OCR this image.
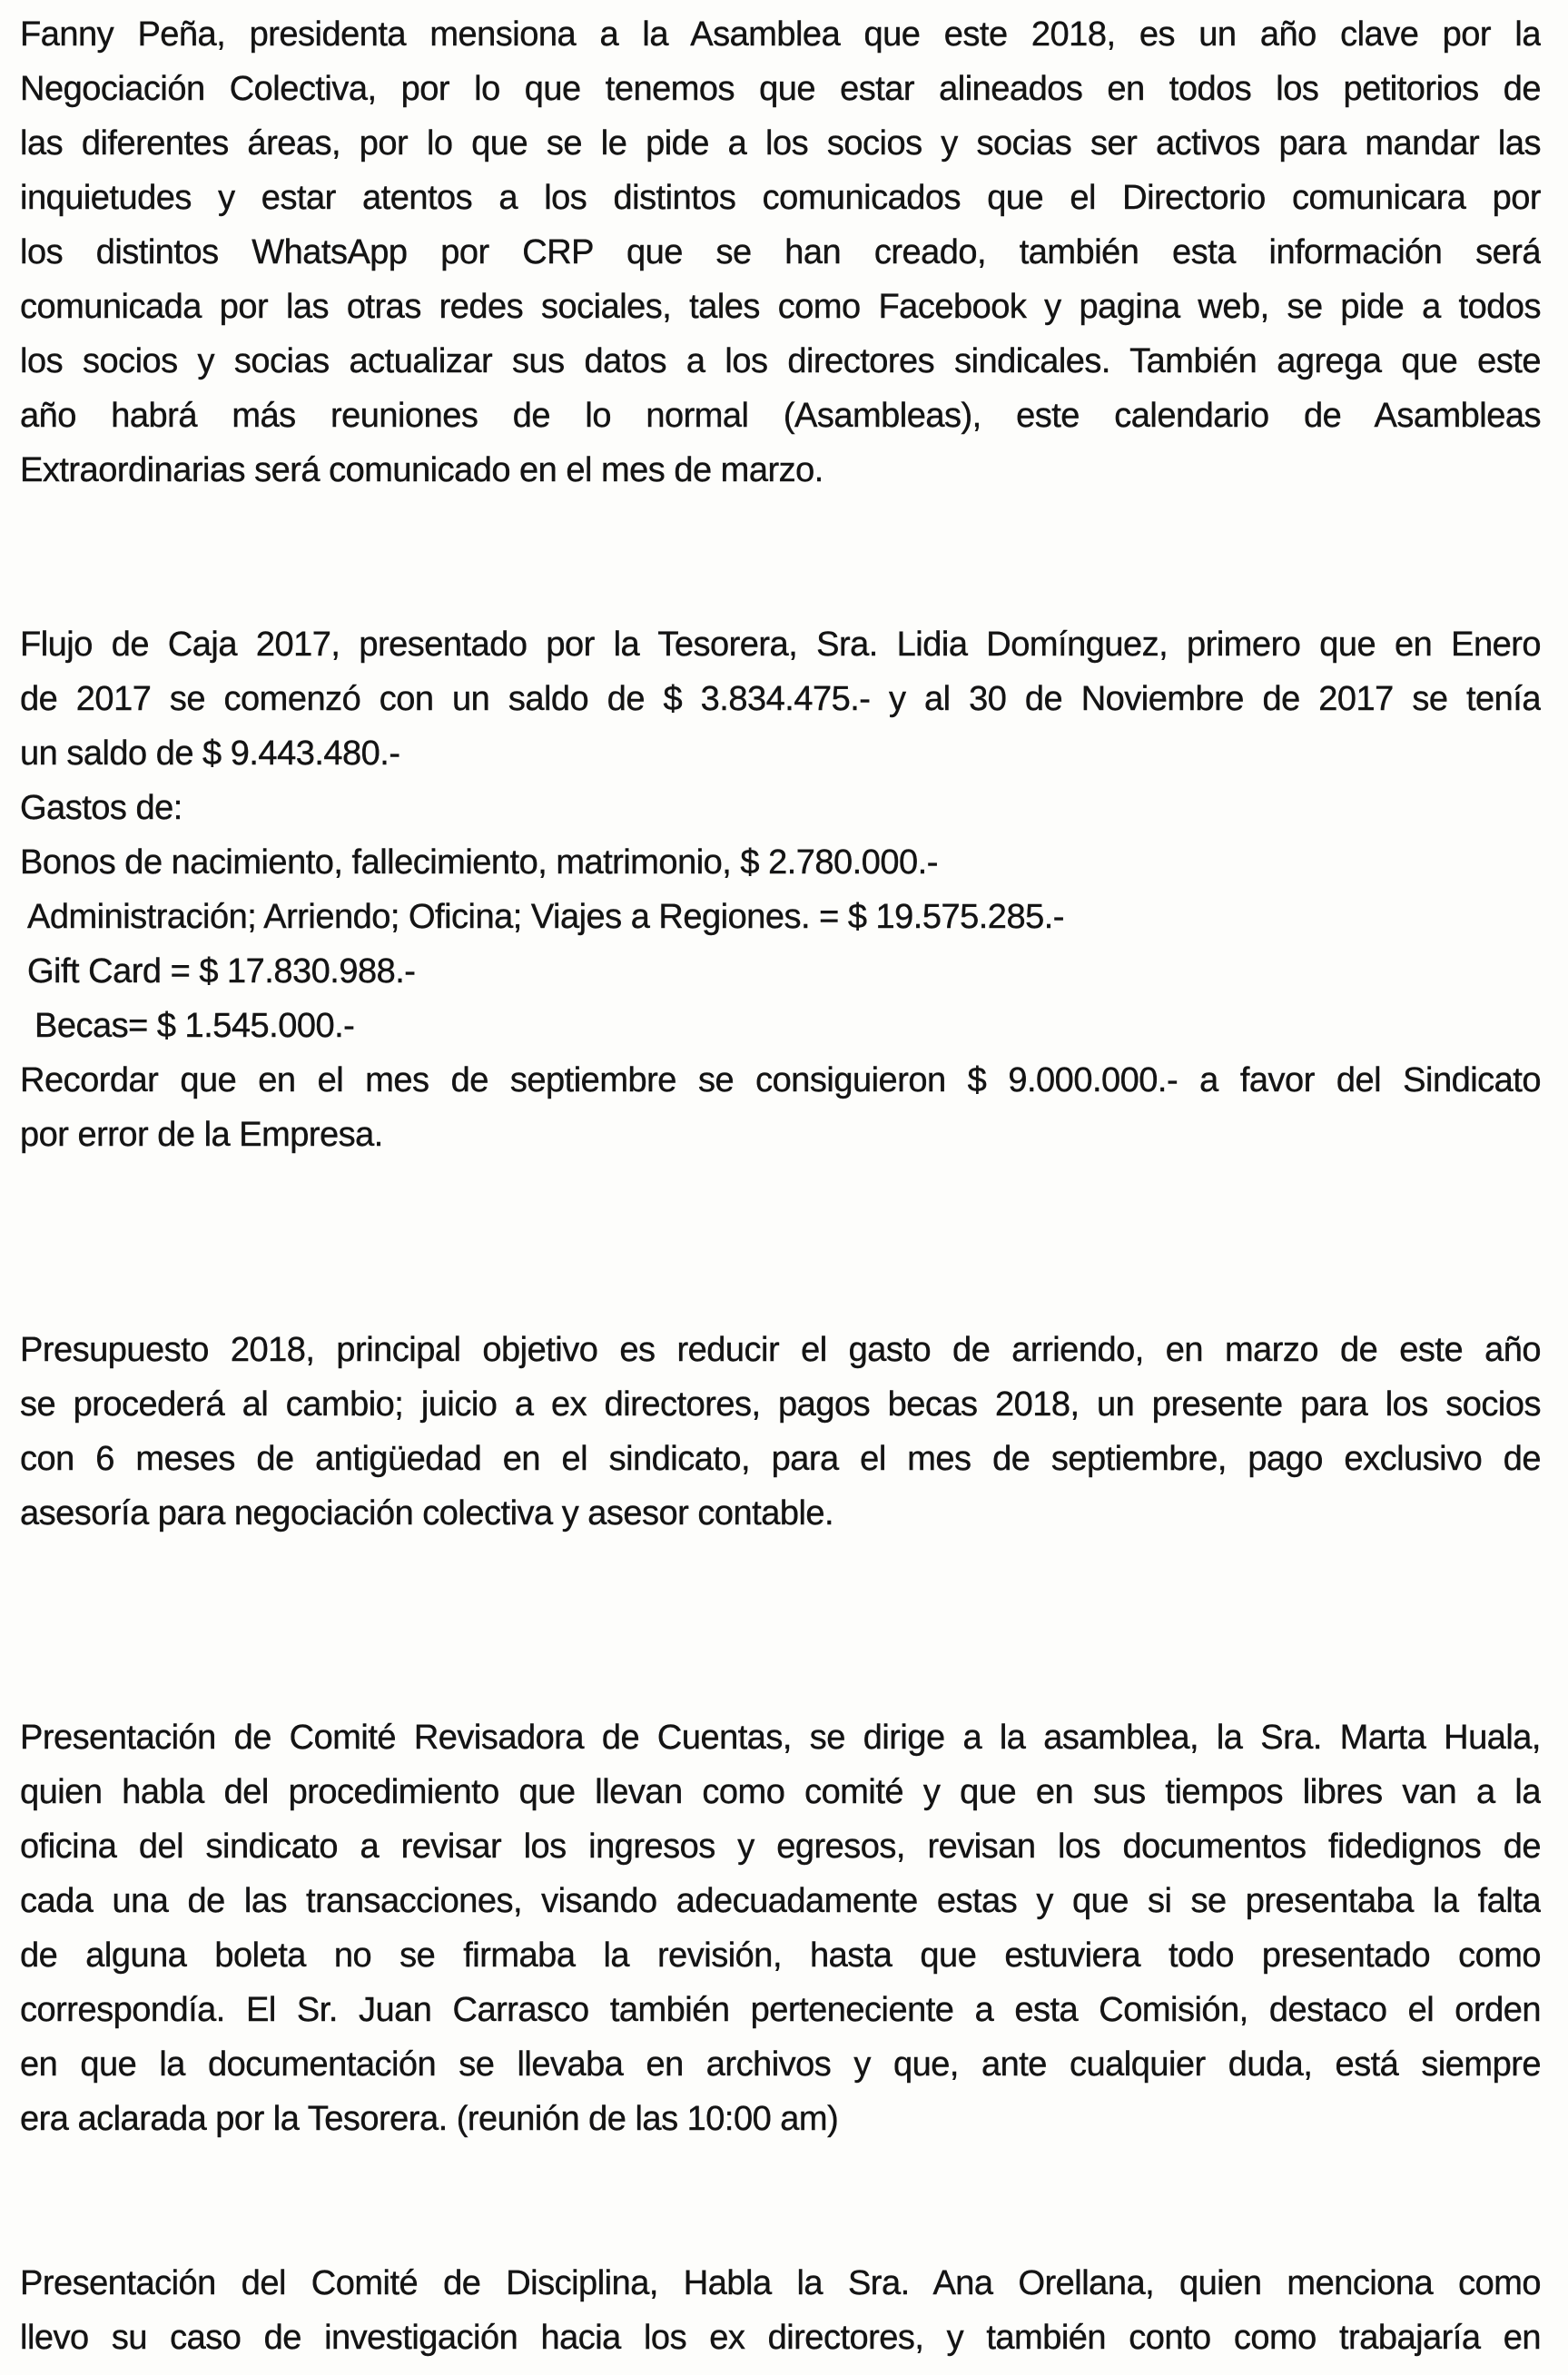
Fanny Peña, presidenta mensiona a la Asamblea que este 2018, es un año clave por la
Negociación Colectiva, por lo que tenemos que estar alineados en todos los petitorios de
las diferentes áreas, por lo que se le pide a los socios y socias ser activos para mandar las
inquietudes y estar atentos a los distintos comunicados que el Directorio comunicara por
los distintos WhatsApp por CRP que se han creado, también esta información será
comunicada por las otras redes sociales, tales como Facebook y pagina web, se pide a todos
los socios y socias actualizar sus datos a los directores sindicales. También agrega que este
año habrá más reuniones de lo normal (Asambleas), este calendario de Asambleas
Extraordinarias será comunicado en el mes de marzo.
Flujo de Caja 2017, presentado por la Tesorera, Sra. Lidia Domínguez, primero que en Enero
de 2017 se comenzó con un saldo de $ 3.834.475.- y al 30 de Noviembre de 2017 se tenía
un saldo de $ 9.443.480.-
Gastos de:
Bonos de nacimiento, fallecimiento, matrimonio, $ 2.780.000.-
Administración; Arriendo; Oficina; Viajes a Regiones. = $ 19.575.285.-
Gift Card = $ 17.830.988.-
Becas= $ 1.545.000.-
Recordar que en el mes de septiembre se consiguieron $ 9.000.000.- a favor del Sindicato
por error de la Empresa.
Presupuesto 2018, principal objetivo es reducir el gasto de arriendo, en marzo de este año
se procederá al cambio; juicio a ex directores, pagos becas 2018, un presente para los socios
con 6 meses de antigüedad en el sindicato, para el mes de septiembre, pago exclusivo de
asesoría para negociación colectiva y asesor contable.
Presentación de Comité Revisadora de Cuentas, se dirige a la asamblea, la Sra. Marta Huala,
quien habla del procedimiento que llevan como comité y que en sus tiempos libres van a la
oficina del sindicato a revisar los ingresos y egresos, revisan los documentos fidedignos de
cada una de las transacciones, visando adecuadamente estas y que si se presentaba la falta
de alguna boleta no se firmaba la revisión, hasta que estuviera todo presentado como
correspondía. El Sr. Juan Carrasco también perteneciente a esta Comisión, destaco el orden
en que la documentación se llevaba en archivos y que, ante cualquier duda, está siempre
era aclarada por la Tesorera. (reunión de las 10:00 am)
Presentación del Comité de Disciplina, Habla la Sra. Ana Orellana, quien menciona como
llevo su caso de investigación hacia los ex directores, y también conto como trabajaría en
